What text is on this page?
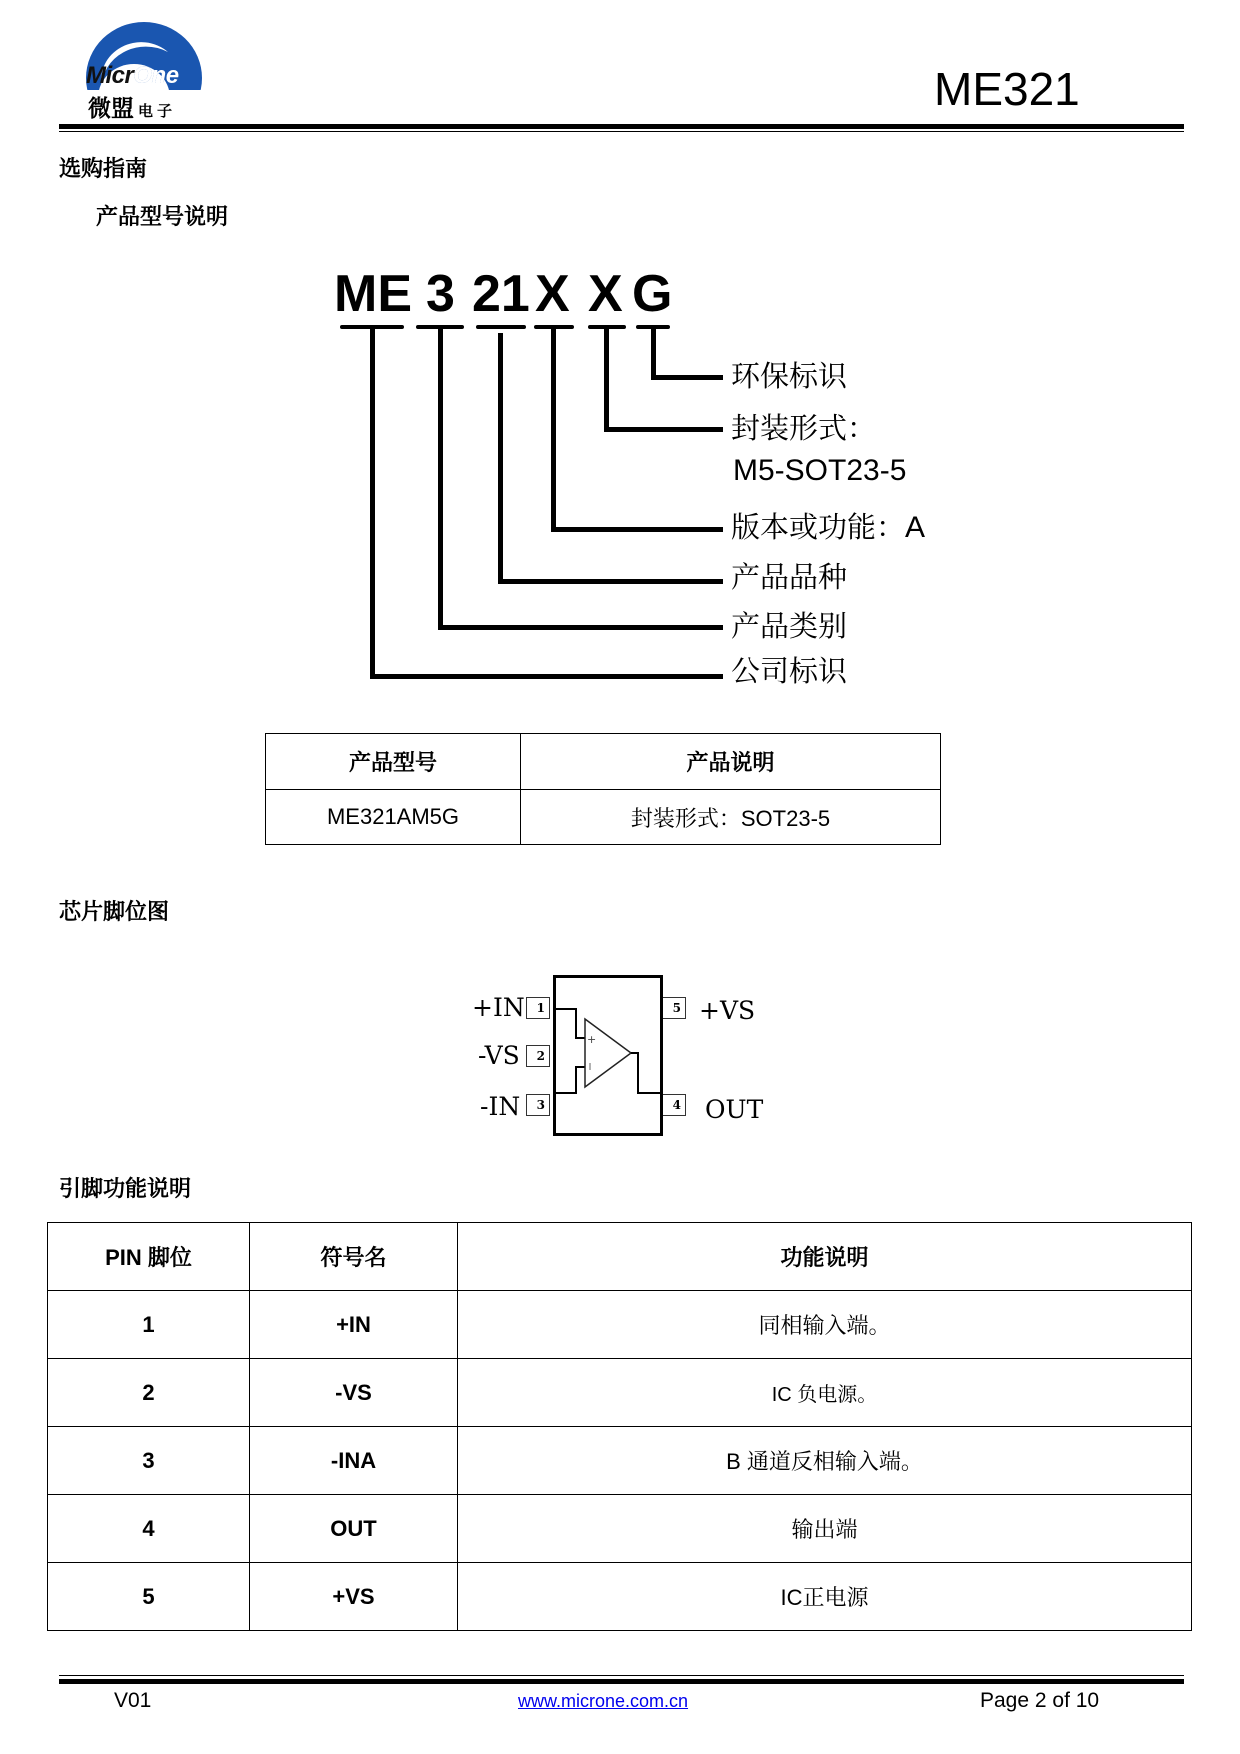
MicrOne
微盟 电子	ME321
选购指南
产品型号说明
ME 3 21 X X G
环保标识
封装形式：
M5-SOT23-5
版本或功能：A
产品品种
产品类别
公司标识
产品型号	产品说明
ME321AM5G	封装形式：SOT23-5
芯片脚位图
1
2
3
5
4
+
+IN
-VS
-IN
+VS
OUT
引脚功能说明
PIN 脚位	符号名	功能说明
1	+IN	同相输入端。
2	-VS	IC 负电源。
3	-INA	B 通道反相输入端。
4	OUT	输出端
5	+VS	IC正电源
V01	www.microne.com.cn	Page 2 of 10
